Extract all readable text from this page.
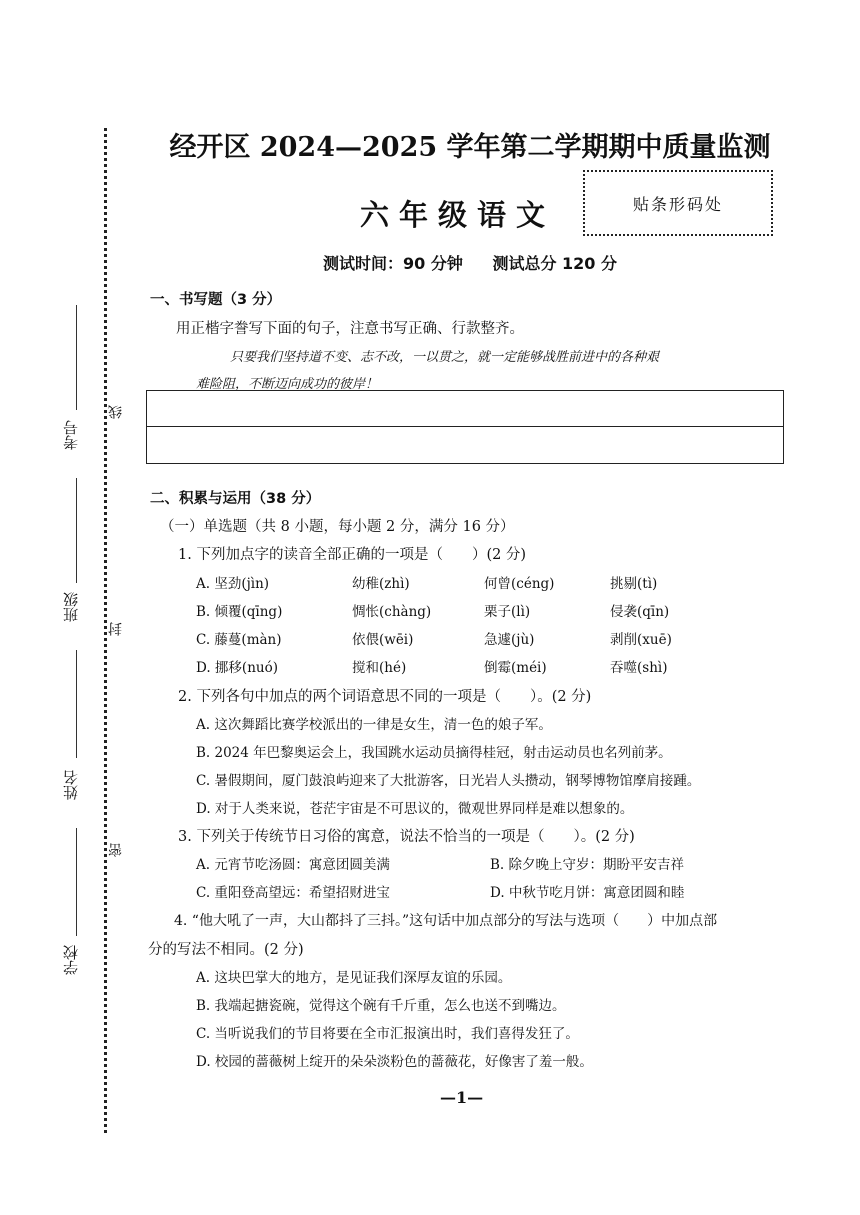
考号
班级
姓名
学校
线
封
密
经开区 2024—2025 学年第二学期期中质量监测
六年级语文	贴条形码处
测试时间：90 分钟 测试总分 120 分
一、书写题（3 分）
用正楷字誊写下面的句子，注意书写正确、行款整齐。
只要我们坚持道不变、志不改，一以贯之，就一定能够战胜前进中的各种艰
难险阻，不断迈向成功的彼岸！
二、积累与运用（38 分）
（一）单选题（共 8 小题，每小题 2 分，满分 16 分）
1. 下列加点字的读音全部正确的一项是（　　）(2 分)
A. 坚劲(jìn)	幼稚(zhì)	何曾(céng)	挑剔(tì)
B. 倾覆(qīng)	惆怅(chàng)	栗子(lì)	侵袭(qīn)
C. 藤蔓(màn)	依偎(wēi)	急遽(jù)	剥削(xuē)
D. 挪移(nuó)	搅和(hé)	倒霉(méi)	吞噬(shì)
2. 下列各句中加点的两个词语意思不同的一项是（　　）。(2 分)
A. 这次舞蹈比赛学校派出的一律是女生，清一色的娘子军。
B. 2024 年巴黎奥运会上，我国跳水运动员摘得桂冠，射击运动员也名列前茅。
C. 暑假期间，厦门鼓浪屿迎来了大批游客，日光岩人头攒动，钢琴博物馆摩肩接踵。
D. 对于人类来说，苍茫宇宙是不可思议的，微观世界同样是难以想象的。
3. 下列关于传统节日习俗的寓意，说法不恰当的一项是（　　）。(2 分)
A. 元宵节吃汤圆：寓意团圆美满	B. 除夕晚上守岁：期盼平安吉祥
C. 重阳登高望远：希望招财进宝	D. 中秋节吃月饼：寓意团圆和睦
4. “他大吼了一声，大山都抖了三抖。”这句话中加点部分的写法与选项（　　）中加点部
分的写法不相同。(2 分)
A. 这块巴掌大的地方，是见证我们深厚友谊的乐园。
B. 我端起搪瓷碗，觉得这个碗有千斤重，怎么也送不到嘴边。
C. 当听说我们的节目将要在全市汇报演出时，我们喜得发狂了。
D. 校园的蔷薇树上绽开的朵朵淡粉色的蔷薇花，好像害了羞一般。
—1—
